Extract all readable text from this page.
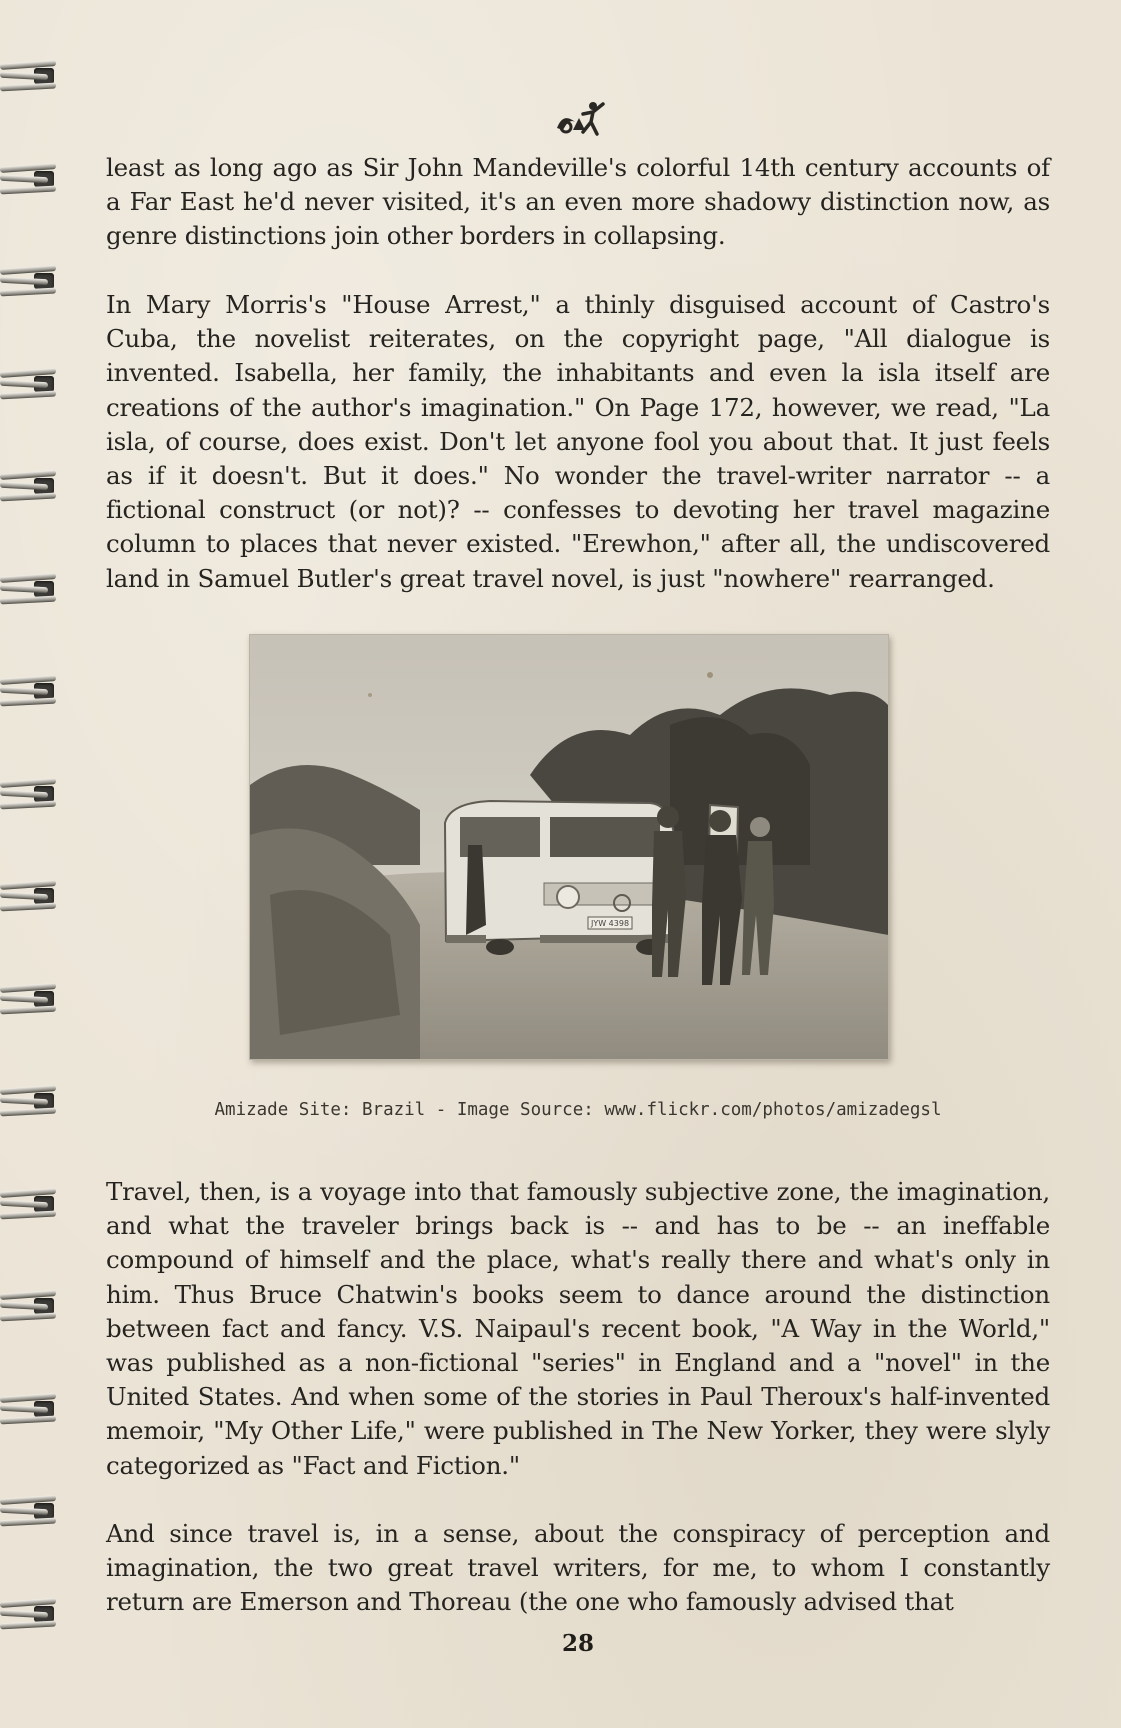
least as long ago as Sir John Mandeville's colorful 14th century accounts of a Far East he'd never visited, it's an even more shadowy distinction now, as genre distinctions join other borders in collapsing.

In Mary Morris's "House Arrest," a thinly disguised account of Castro's Cuba, the novelist reiterates, on the copyright page, "All dialogue is invented. Isabella, her family, the inhabitants and even la isla itself are creations of the author's imagination." On Page 172, however, we read, "La isla, of course, does exist. Don't let anyone fool you about that. It just feels as if it doesn't. But it does." No wonder the travel-writer narrator -- a fictional construct (or not)? -- confesses to devoting her travel magazine column to places that never existed. "Erewhon," after all, the undiscovered land in Samuel Butler's great travel novel, is just "nowhere" rearranged.

JYW 4398

Amizade Site: Brazil - Image Source: www.flickr.com/photos/amizadegsl

Travel, then, is a voyage into that famously subjective zone, the imagination, and what the traveler brings back is -- and has to be -- an ineffable compound of himself and the place, what's really there and what's only in him. Thus Bruce Chatwin's books seem to dance around the distinction between fact and fancy. V.S. Naipaul's recent book, "A Way in the World," was published as a non-fictional "series" in England and a "novel" in the United States. And when some of the stories in Paul Theroux's half-invented memoir, "My Other Life," were published in The New Yorker, they were slyly categorized as "Fact and Fiction."

And since travel is, in a sense, about the conspiracy of perception and imagination, the two great travel writers, for me, to whom I constantly return are Emerson and Thoreau (the one who famously advised that

28
